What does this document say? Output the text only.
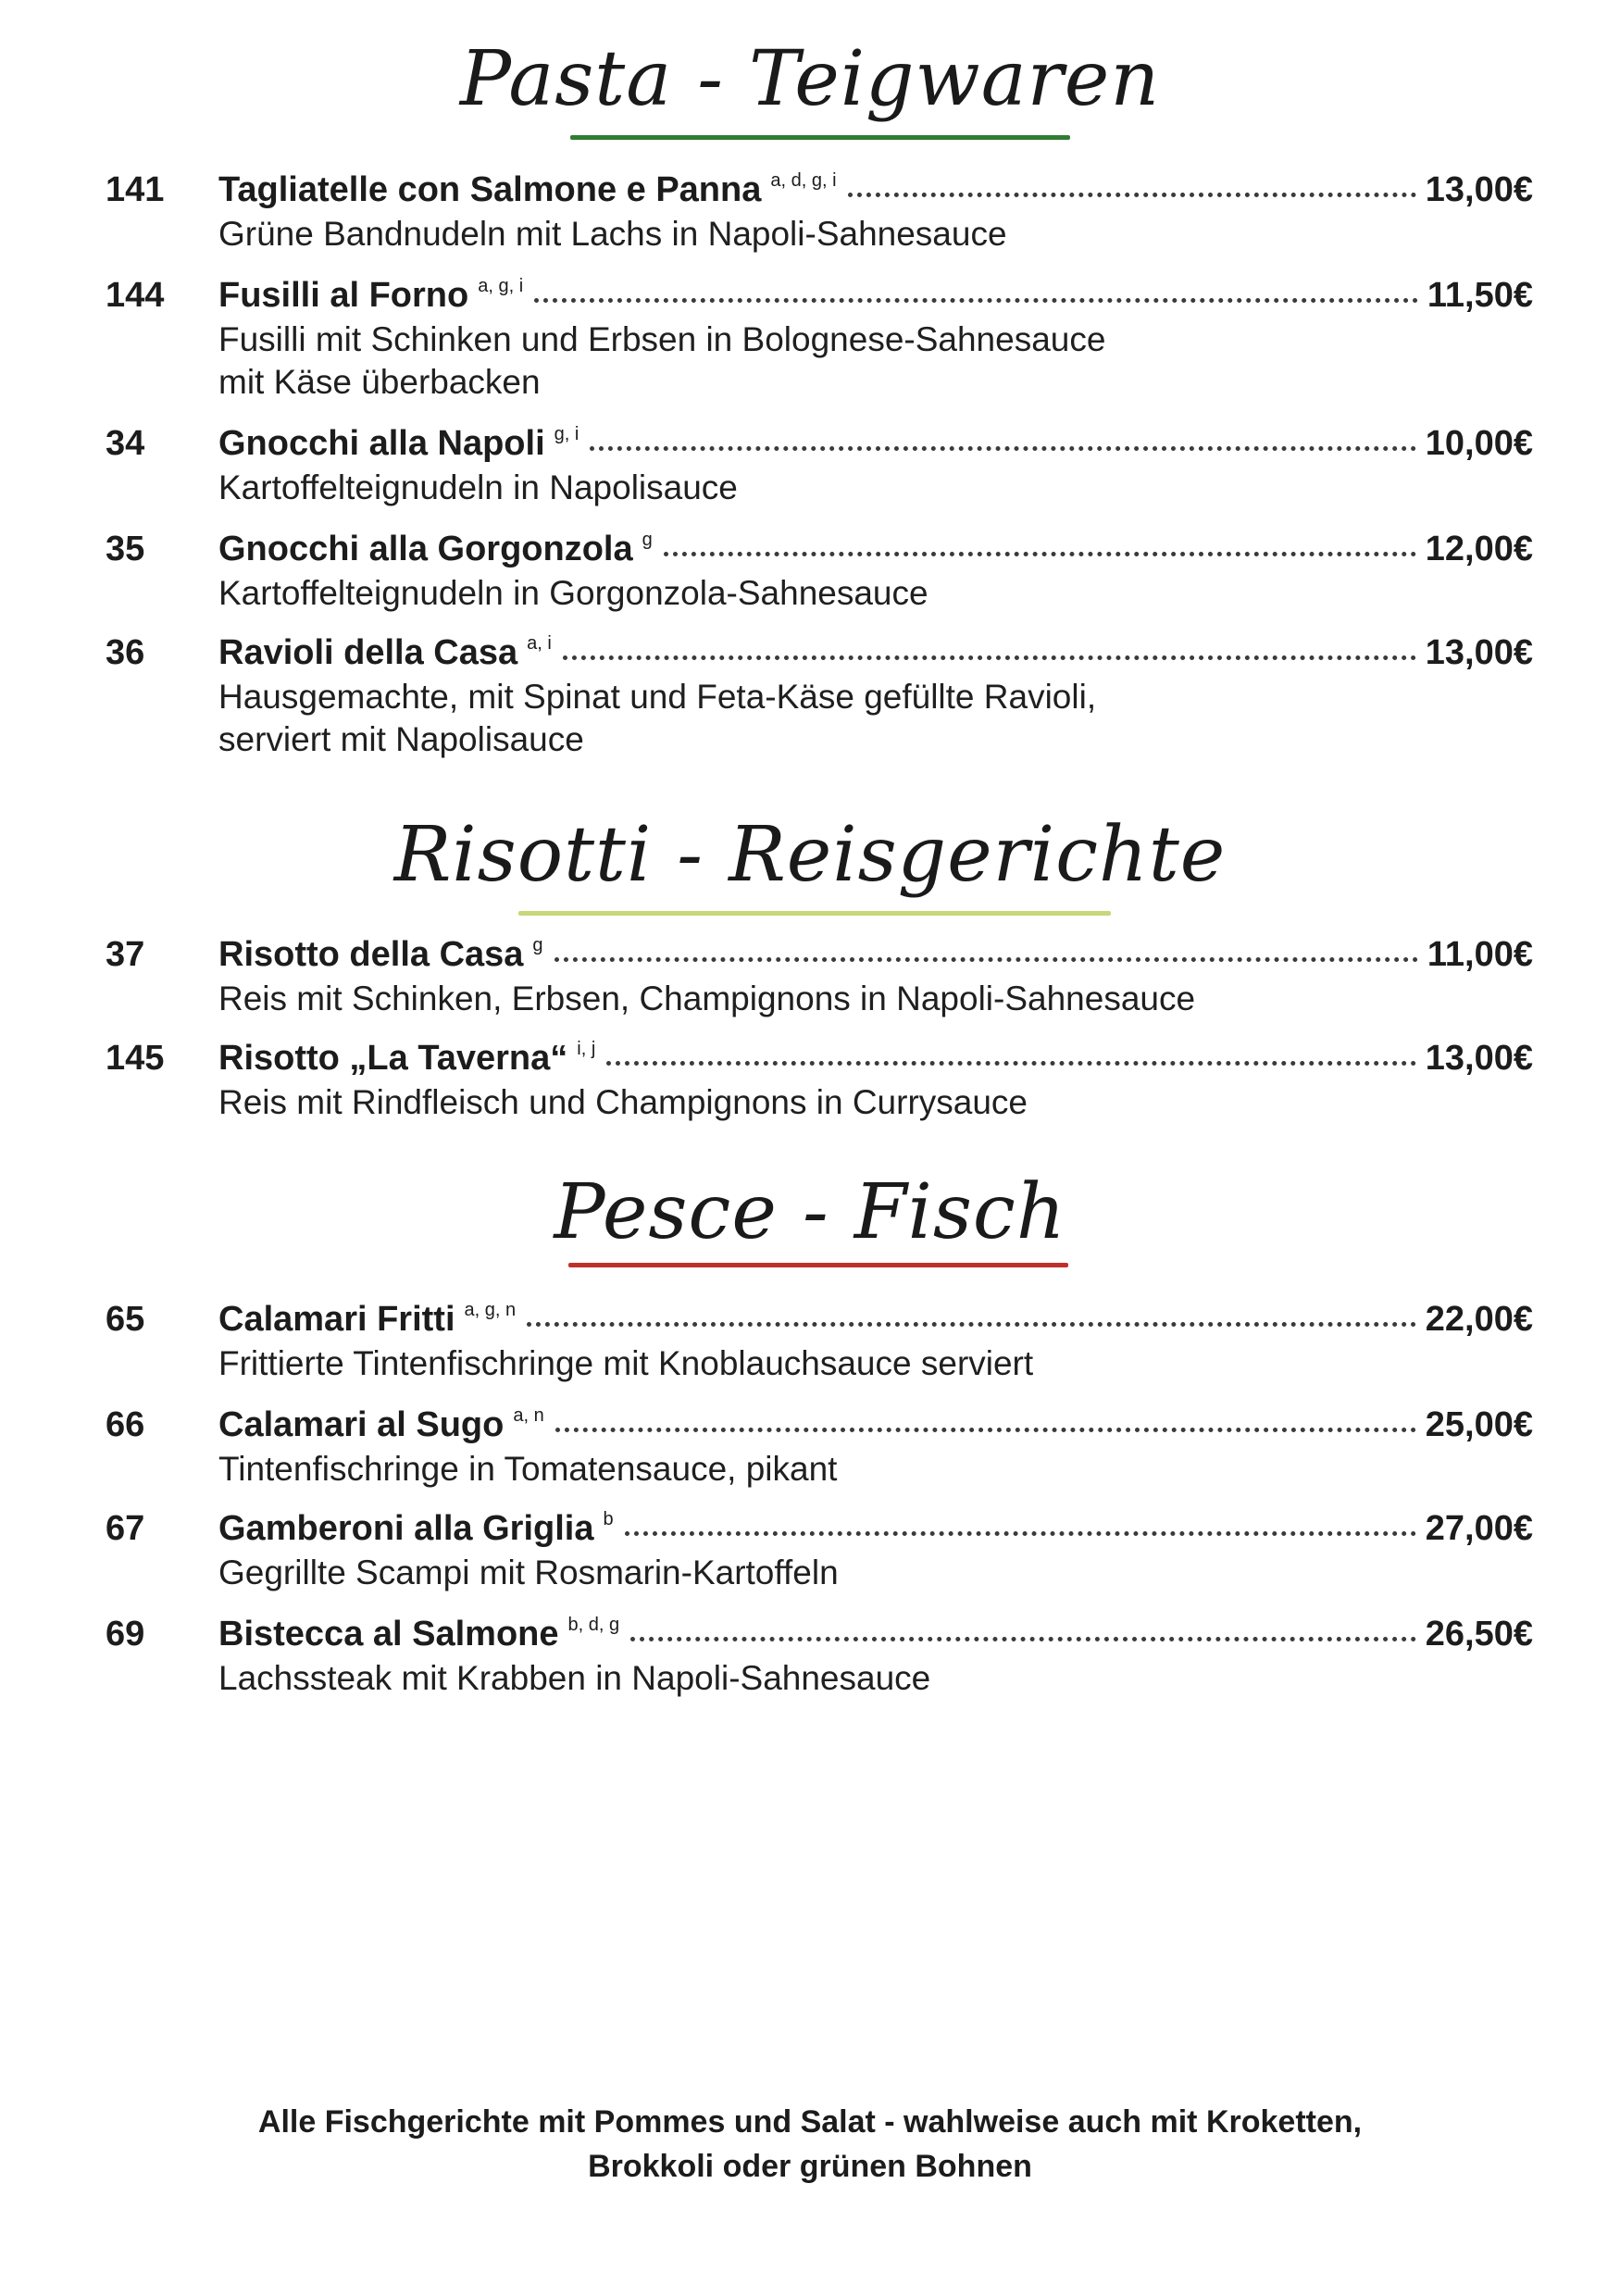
Pasta - Teigwaren
141 Tagliatelle con Salmone e Panna a, d, g, i	13,00€
Grüne Bandnudeln mit Lachs in Napoli-Sahnesauce
144 Fusilli al Forno a, g, i	11,50€
Fusilli mit Schinken und Erbsen in Bolognese-Sahnesauce
mit Käse überbacken
34 Gnocchi alla Napoli g, i	10,00€
Kartoffelteignudeln in Napolisauce
35 Gnocchi alla Gorgonzola g	12,00€
Kartoffelteignudeln in Gorgonzola-Sahnesauce
36 Ravioli della Casa a, i	13,00€
Hausgemachte, mit Spinat und Feta-Käse gefüllte Ravioli,
serviert mit Napolisauce
Risotti - Reisgerichte
37 Risotto della Casa g	11,00€
Reis mit Schinken, Erbsen, Champignons in Napoli-Sahnesauce
145 Risotto „La Taverna“ i, j	13,00€
Reis mit Rindfleisch und Champignons in Currysauce
Pesce - Fisch
65 Calamari Fritti a, g, n	22,00€
Frittierte Tintenfischringe mit Knoblauchsauce serviert
66 Calamari al Sugo a, n	25,00€
Tintenfischringe in Tomatensauce, pikant
67 Gamberoni alla Griglia b	27,00€
Gegrillte Scampi mit Rosmarin-Kartoffeln
69 Bistecca al Salmone b, d, g	26,50€
Lachssteak mit Krabben in Napoli-Sahnesauce
Alle Fischgerichte mit Pommes und Salat - wahlweise auch mit Kroketten,
Brokkoli oder grünen Bohnen
